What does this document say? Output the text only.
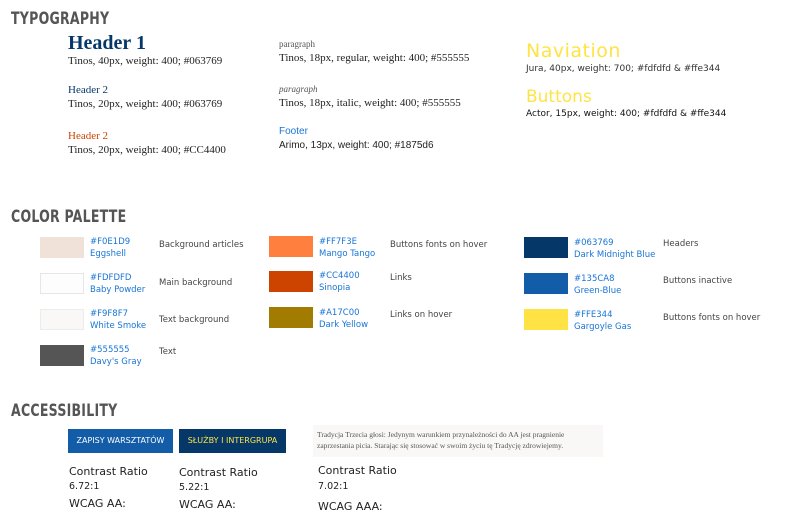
TYPOGRAPHY
Header 1
Tinos, 40px, weight: 400; #063769
Header 2
Tinos, 20px, weight: 400; #063769
Header 2
Tinos, 20px, weight: 400; #CC4400
paragraph
Tinos, 18px, regular, weight: 400; #555555
paragraph
Tinos, 18px, italic, weight: 400; #555555
Footer
Arimo, 13px, weight: 400; #1875d6
Naviation
Jura, 40px, weight: 700; #fdfdfd & #ffe344
Buttons
Actor, 15px, weight: 400; #fdfdfd & #ffe344
COLOR PALETTE
#F0E1D9
Eggshell
Background articles
#FDFDFD
Baby Powder
Main background
#F9F8F7
White Smoke
Text background
#555555
Davy's Gray
Text
#FF7F3E
Mango Tango
Buttons fonts on hover
#CC4400
Sinopia
Links
#A17C00
Dark Yellow
Links on hover
#063769
Dark Midnight Blue
Headers
#135CA8
Green-Blue
Buttons inactive
#FFE344
Gargoyle Gas
Buttons fonts on hover
ACCESSIBILITY
ZAPISY WARSZTATÓW	SŁUŻBY I INTERGRUPA
Tradycja Trzecia głosi: Jedynym warunkiem przynależności do AA jest pragnienie
zaprzestania picia. Starając się stosować w swoim życiu tę Tradycję zdrowiejemy.
Contrast Ratio
6.72:1
WCAG AA:
Contrast Ratio
5.22:1
WCAG AA:
Contrast Ratio
7.02:1
WCAG AAA:
